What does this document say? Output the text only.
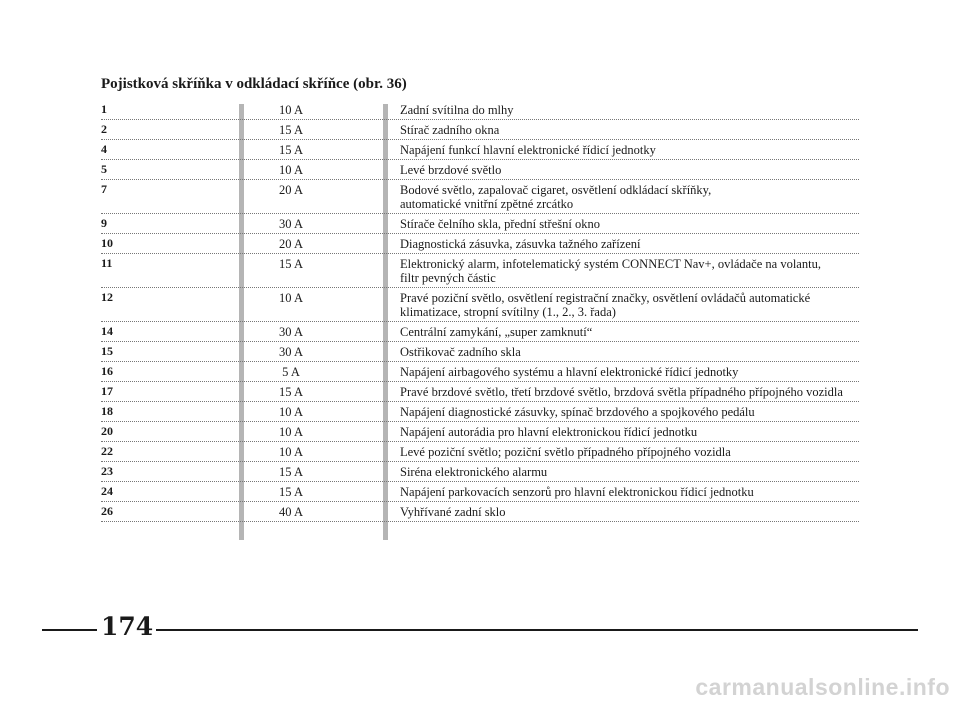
Pojistková skříňka v odkládací skříňce (obr. 36)
1	10 A	Zadní svítilna do mlhy
2	15 A	Stírač zadního okna
4	15 A	Napájení funkcí hlavní elektronické řídicí jednotky
5	10 A	Levé brzdové světlo
7	20 A	Bodové světlo, zapalovač cigaret, osvětlení odkládací skříňky,
automatické vnitřní zpětné zrcátko
9	30 A	Stírače čelního skla, přední střešní okno
10	20 A	Diagnostická zásuvka, zásuvka tažného zařízení
11	15 A	Elektronický alarm, infotelematický systém CONNECT Nav+, ovládače na volantu,
filtr pevných částic
12	10 A	Pravé poziční světlo, osvětlení registrační značky, osvětlení ovládačů automatické
klimatizace, stropní svítilny (1., 2., 3. řada)
14	30 A	Centrální zamykání, „super zamknutí“
15	30 A	Ostřikovač zadního skla
16	5 A	Napájení airbagového systému a hlavní elektronické řídicí jednotky
17	15 A	Pravé brzdové světlo, třetí brzdové světlo, brzdová světla případného přípojného vozidla
18	10 A	Napájení diagnostické zásuvky, spínač brzdového a spojkového pedálu
20	10 A	Napájení autorádia pro hlavní elektronickou řídicí jednotku
22	10 A	Levé poziční světlo; poziční světlo případného přípojného vozidla
23	15 A	Siréna elektronického alarmu
24	15 A	Napájení parkovacích senzorů pro hlavní elektronickou řídicí jednotku
26	40 A	Vyhřívané zadní sklo
174
carmanualsonline.info
